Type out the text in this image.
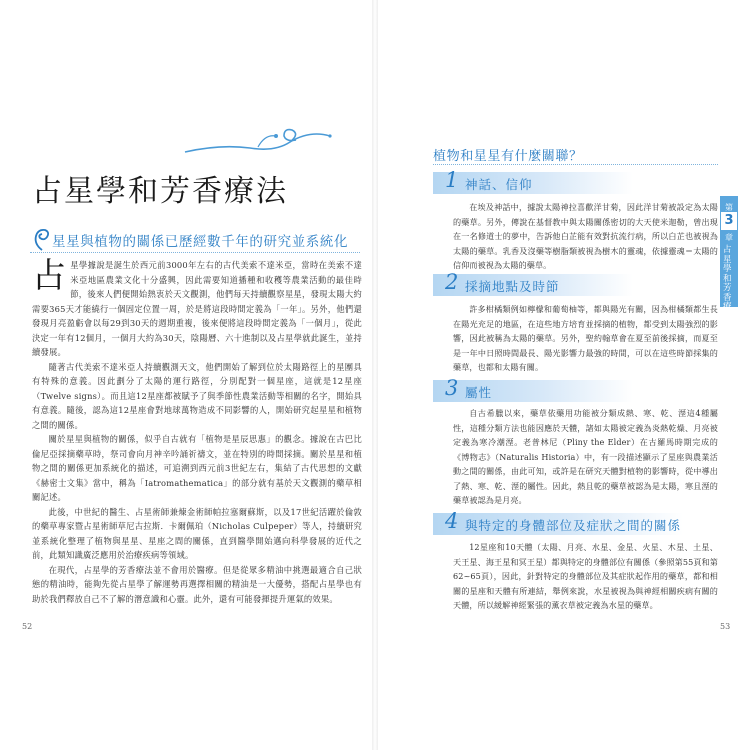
占星學和芳香療法
星星與植物的關係已歷經數千年的研究並系統化

占星學據說是誕生於西元前3000年左右的古代美索不達米亞，當時在美索不達米亞地區農業文化十分盛興，因此需要知道播種和收穫等農業活動的最佳時節，後來人們便開始熱衷於天文觀測，他們每天持續觀察星星，發現太陽大約需要365天才能繞行一個固定位置一周，於是將這段時間定義為「一年」。另外，他們還發現月亮盈虧會以每29到30天的週期重複，後來便將這段時間定義為「一個月」，從此決定一年有12個月，一個月大約為30天，陰陽曆、六十進制以及占星學就此誕生，並持續發展。

隨著古代美索不達米亞人持續觀測天文，他們開始了解到位於太陽路徑上的星團具有特殊的意義。因此劃分了太陽的運行路徑，分別配對一個星座，這就是12星座（Twelve signs）。而且這12星座都被賦予了與季節性農業活動等相關的名字，開始具有意義。隨後，認為這12星座會對地球萬物造成不同影響的人，開始研究起星星和植物之間的關係。

關於星星與植物的關係，似乎自古就有「植物是星辰思惠」的觀念。據說在古巴比倫尼亞採摘藥草時，祭司會向月神辛吟誦祈禱文，並在特別的時間採摘。關於星星和植物之間的關係更加系統化的描述，可追溯到西元前3世紀左右，集結了古代思想的文獻《赫密士文集》當中，稱為「Iatromathematica」的部分就有基於天文觀測的藥草相關記述。

此後，中世紀的醫生、占星術師兼煉金術師帕拉塞爾蘇斯，以及17世紀活躍於倫敦的藥草專家暨占星術師草尼古拉斯．卡爾佩珀（Nicholas Culpeper）等人，持續研究並系統化整理了植物與星星、星座之間的關係，直到醫學開始邁向科學發展的近代之前，此類知識廣泛應用於治療疾病等領域。

在現代，占星學的芳香療法並不會用於醫療。但是從眾多精油中挑選最適合自己狀態的精油時，能夠先從占星學了解運勢再選擇相關的精油是一大優勢，搭配占星學也有助於我們釋放自己不了解的潛意識和心靈。此外，還有可能發揮提升運氣的效果。

52
植物和星星有什麼關聯？
1 神話、信仰

在埃及神話中，據說太陽神拉喜歡洋甘菊，因此洋甘菊被設定為太陽的藥草。另外，傳說在基督教中與太陽關係密切的大天使米迦勒，曾出現在一名修道士的夢中，告訴他白芷能有效對抗流行病，所以白芷也被視為太陽的藥草。乳香及沒藥等樹脂類被視為樹木的靈魂，依據靈魂＝太陽的信仰而被視為太陽的藥草。

2 採摘地點及時節

許多柑橘類例如檸檬和葡萄柚等，都與陽光有關，因為柑橘類都生長在陽光充足的地區，在這些地方培育並採摘的植物，都受到太陽強烈的影響，因此被稱為太陽的藥草。另外，聖約翰草會在夏至前後採摘，而夏至是一年中日照時間最長、陽光影響力最強的時間，可以在這些時節採集的藥草，也都和太陽有關。

3 屬性

自古希臘以來，藥草依藥用功能被分類成熱、寒、乾、溼這4種屬性，這種分類方法也能因應於天體，諸如太陽被定義為炎熱乾燥、月亮被定義為寒冷潮溼。老普林尼（Pliny the Elder）在古羅馬時期完成的《博物志》（Naturalis Historia）中，有一段描述顯示了星座與農業活動之間的關係，由此可知，或許是在研究天體對植物的影響時，從中導出了熱、寒、乾、溼的屬性。因此，熱且乾的藥草被認為是太陽，寒且溼的藥草被認為是月亮。

4 與特定的身體部位及症狀之間的關係

12星座和10天體（太陽、月亮、水星、金星、火星、木星、土星、天王星、海王星和冥王星）都與特定的身體部位有關係（參照第55頁和第62~65頁），因此，針對特定的身體部位及其症狀起作用的藥草，都和相關的星座和天體有所連結，舉例來說，水星被視為與神經相關疾病有關的天體，所以緩解神經緊張的薰衣草被定義為水星的藥草。

第
3
章
占星學和芳香療法
53
